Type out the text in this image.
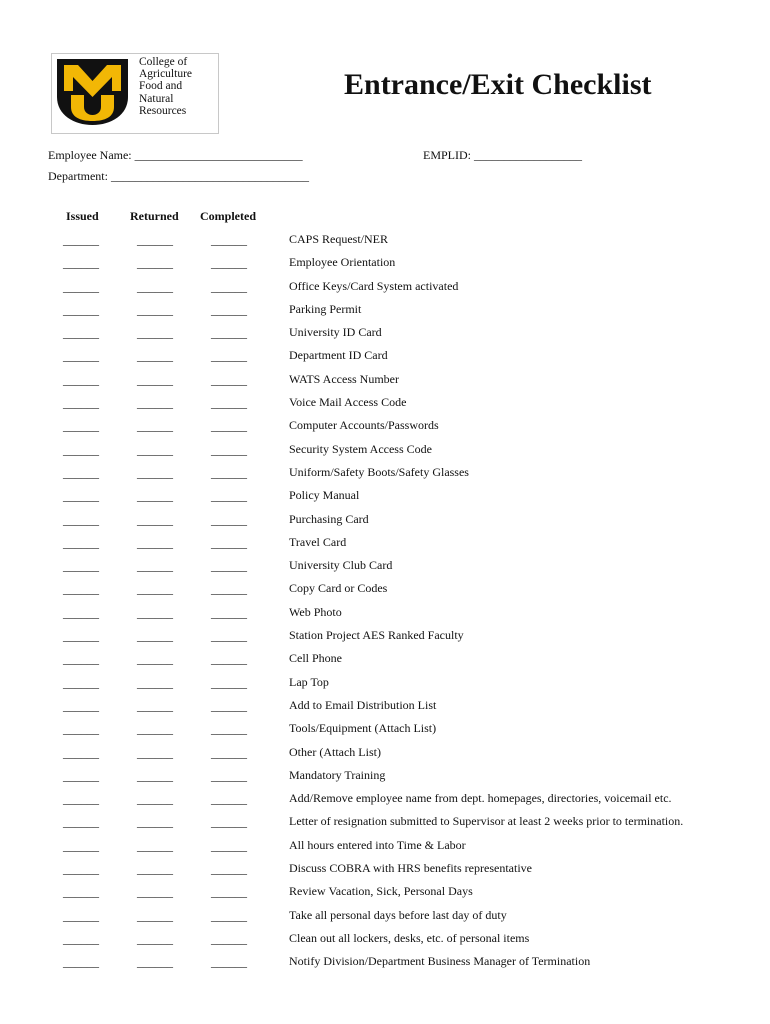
College of
Agriculture
Food and
Natural
Resources
Entrance/Exit Checklist
Employee Name: ____________________________	EMPLID: __________________
Department: _________________________________
Issued	Returned Completed
______	______	______	CAPS Request/NER
______	______	______	Employee Orientation
______	______	______	Office Keys/Card System activated
______	______	______	Parking Permit
______	______	______	University ID Card
______	______	______	Department ID Card
______	______	______	WATS Access Number
______	______	______	Voice Mail Access Code
______	______	______	Computer Accounts/Passwords
______	______	______	Security System Access Code
______	______	______	Uniform/Safety Boots/Safety Glasses
______	______	______	Policy Manual
______	______	______	Purchasing Card
______	______	______	Travel Card
______	______	______	University Club Card
______	______	______	Copy Card or Codes
______	______	______	Web Photo
______	______	______	Station Project AES Ranked Faculty
______	______	______	Cell Phone
______	______	______	Lap Top
______	______	______	Add to Email Distribution List
______	______	______	Tools/Equipment (Attach List)
______	______	______	Other (Attach List)
______	______	______	Mandatory Training
______	______	______	Add/Remove employee name from dept. homepages, directories, voicemail etc.
______	______	______	Letter of resignation submitted to Supervisor at least 2 weeks prior to termination.
______	______	______	All hours entered into Time & Labor
______	______	______	Discuss COBRA with HRS benefits representative
______	______	______	Review Vacation, Sick, Personal Days
______	______	______	Take all personal days before last day of duty
______	______	______	Clean out all lockers, desks, etc. of personal items
______	______	______	Notify Division/Department Business Manager of Termination
